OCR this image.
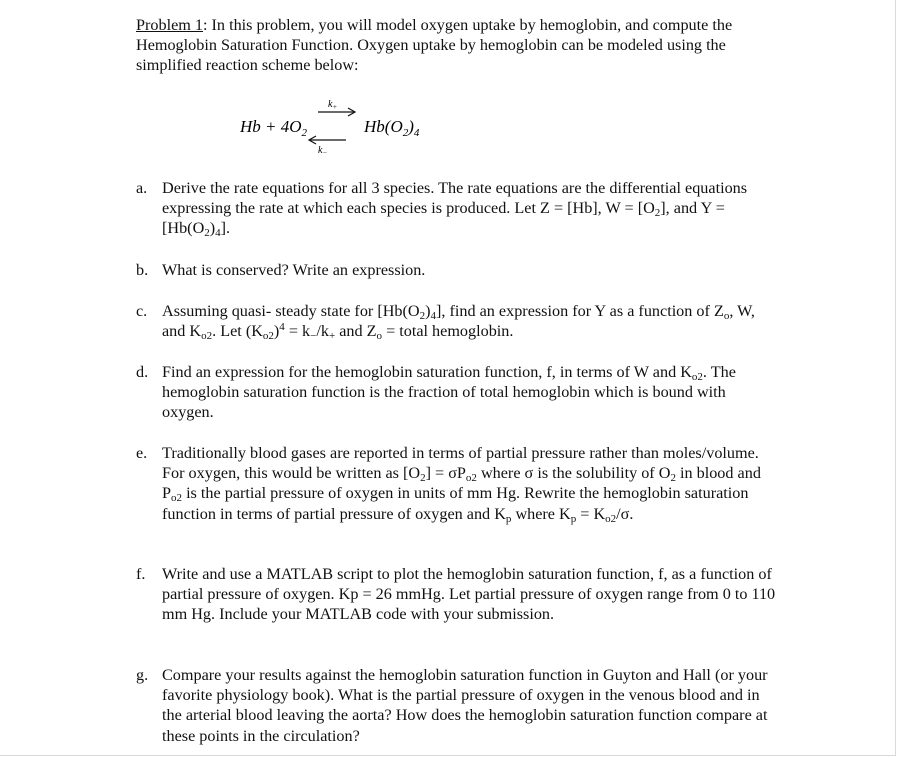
Problem 1: In this problem, you will model oxygen uptake by hemoglobin, and compute the Hemoglobin Saturation Function. Oxygen uptake by hemoglobin can be modeled using the simplified reaction scheme below:

$Hb + 4O_2$
$k_+$
$k_-$
$Hb(O_2)_4$
a. Derive the rate equations for all 3 species. The rate equations are the differential equations expressing the rate at which each species is produced. Let Z = [Hb], $W = [O_2]$, and $Y = [Hb(O_2)_4]$.
b. What is conserved? Write an expression.
c. Assuming quasi- steady state for $[Hb(O_2)_4]$, find an expression for Y as a function of $Z_o$, W, and $K_{o2}$. Let $(K_{o2})^4 = k_-/k_+$ and $Z_o$ = total hemoglobin.
d. Find an expression for the hemoglobin saturation function, f, in terms of W and $K_{o2}$. The hemoglobin saturation function is the fraction of total hemoglobin which is bound with oxygen.
e. Traditionally blood gases are reported in terms of partial pressure rather than moles/volume. For oxygen, this would be written as $[O_2] = \sigma P_{o2}$ where σ is the solubility of $O_2$ in blood and $P_{o2}$ is the partial pressure of oxygen in units of mm Hg. Rewrite the hemoglobin saturation function in terms of partial pressure of oxygen and $K_p$ where $K_p = K_{o2}/\sigma$.
f.	Write and use a MATLAB script to plot the hemoglobin saturation function, f, as a function of partial pressure of oxygen. Kp = 26 mmHg. Let partial pressure of oxygen range from 0 to 110 mm Hg. Include your MATLAB code with your submission.
g. Compare your results against the hemoglobin saturation function in Guyton and Hall (or your favorite physiology book). What is the partial pressure of oxygen in the venous blood and in the arterial blood leaving the aorta? How does the hemoglobin saturation function compare at these points in the circulation?
